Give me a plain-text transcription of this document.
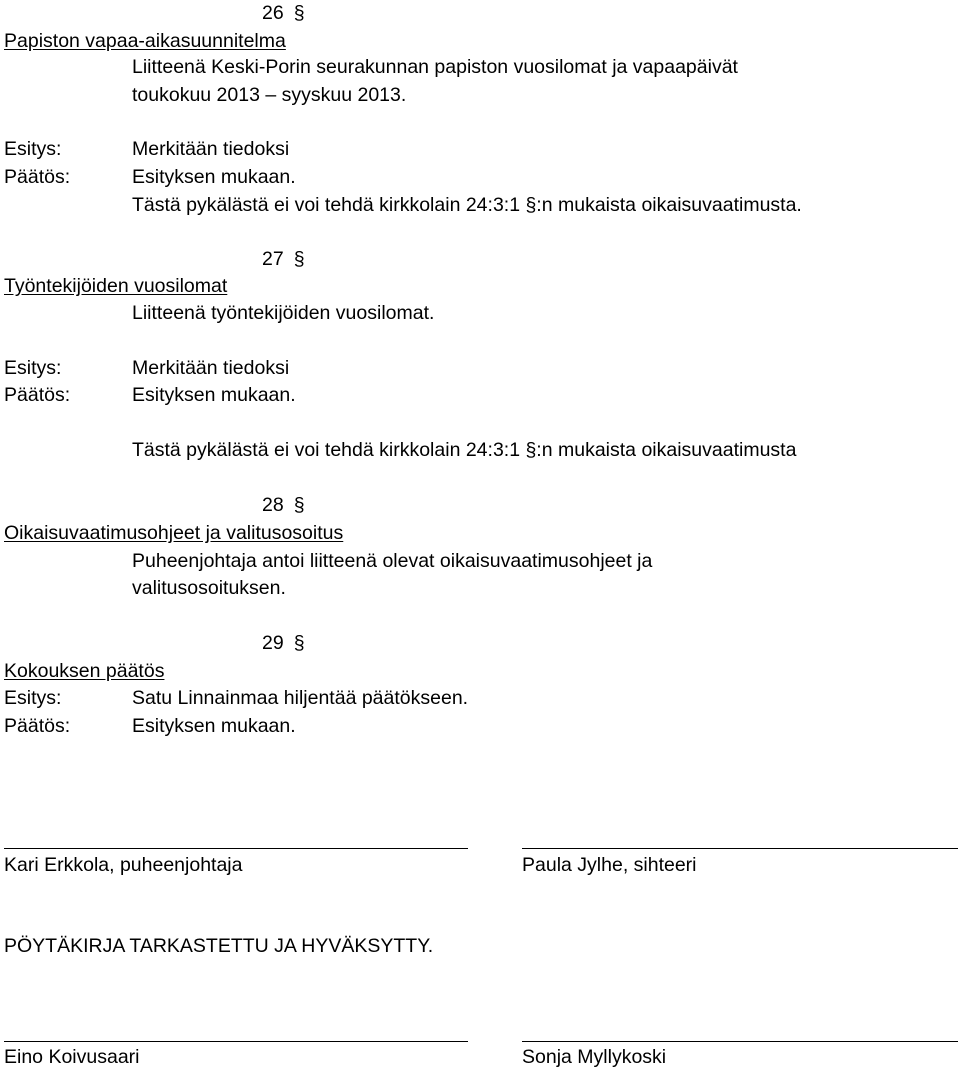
26 §
Papiston vapaa-aikasuunnitelma
Liitteenä Keski-Porin seurakunnan papiston vuosilomat ja vapaapäivät
toukokuu 2013 – syyskuu 2013.
Esitys:	Merkitään tiedoksi
Päätös:	Esityksen mukaan.
Tästä pykälästä ei voi tehdä kirkkolain 24:3:1 §:n mukaista oikaisuvaatimusta.
27 §
Työntekijöiden vuosilomat
Liitteenä työntekijöiden vuosilomat.
Esitys:	Merkitään tiedoksi
Päätös:	Esityksen mukaan.
Tästä pykälästä ei voi tehdä kirkkolain 24:3:1 §:n mukaista oikaisuvaatimusta
28 §
Oikaisuvaatimusohjeet ja valitusosoitus
Puheenjohtaja antoi liitteenä olevat oikaisuvaatimusohjeet ja
valitusosoituksen.
29 §
Kokouksen päätös
Esitys:	Satu Linnainmaa hiljentää päätökseen.
Päätös:	Esityksen mukaan.
Kari Erkkola, puheenjohtaja	Paula Jylhe, sihteeri
PÖYTÄKIRJA TARKASTETTU JA HYVÄKSYTTY.
Eino Koivusaari	Sonja Myllykoski
